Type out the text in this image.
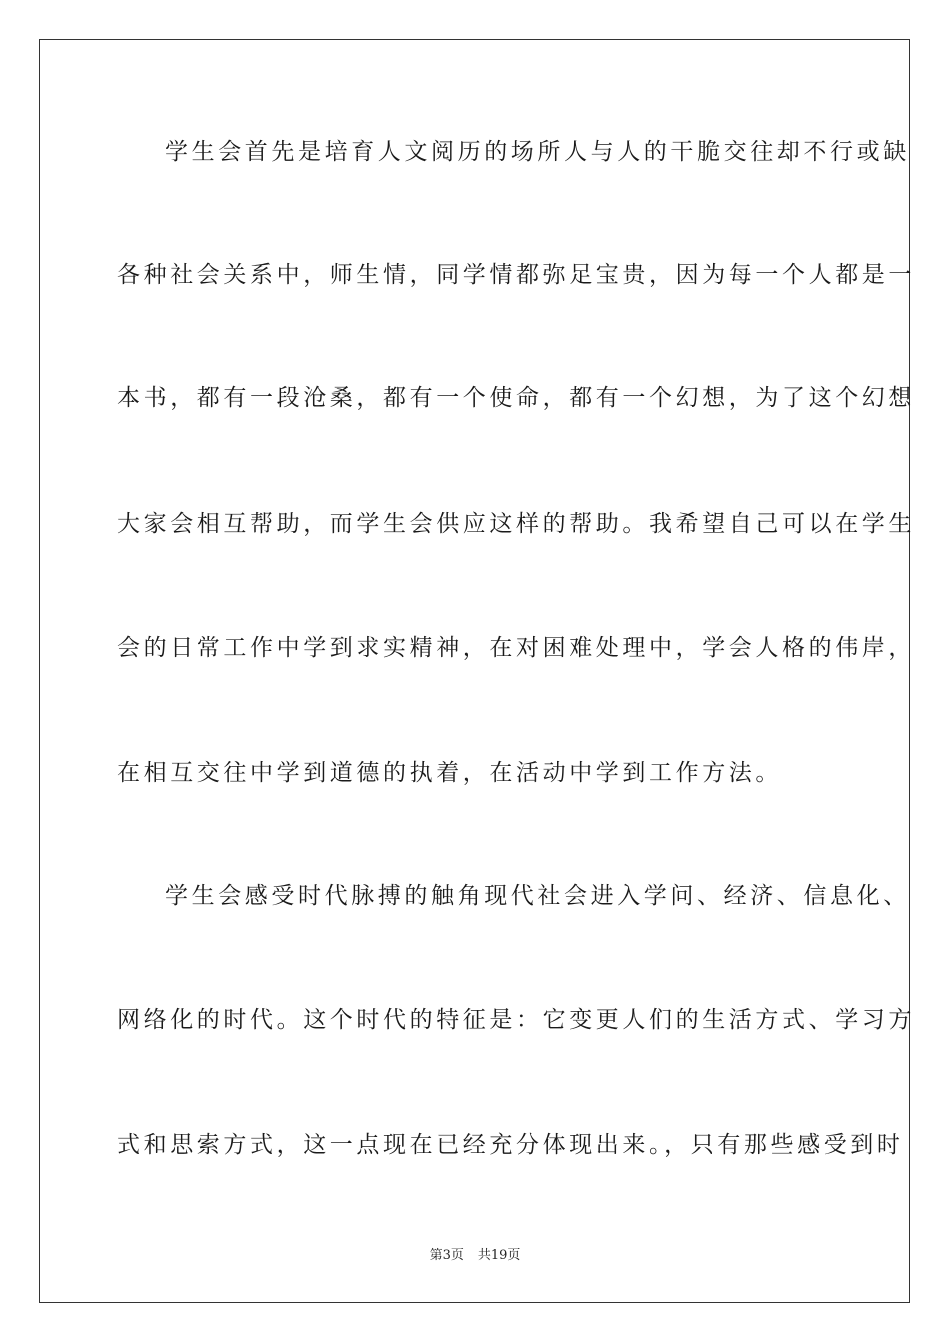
学生会首先是培育人文阅历的场所人与人的干脆交往却不行或缺
各种社会关系中，师生情，同学情都弥足宝贵，因为每一个人都是一
本书，都有一段沧桑，都有一个使命，都有一个幻想，为了这个幻想
大家会相互帮助，而学生会供应这样的帮助。我希望自己可以在学生
会的日常工作中学到求实精神，在对困难处理中，学会人格的伟岸，
在相互交往中学到道德的执着，在活动中学到工作方法。
学生会感受时代脉搏的触角现代社会进入学问、经济、信息化、
网络化的时代。这个时代的特征是：它变更人们的生活方式、学习方
式和思索方式，这一点现在已经充分体现出来。，只有那些感受到时
第3页 共19页
